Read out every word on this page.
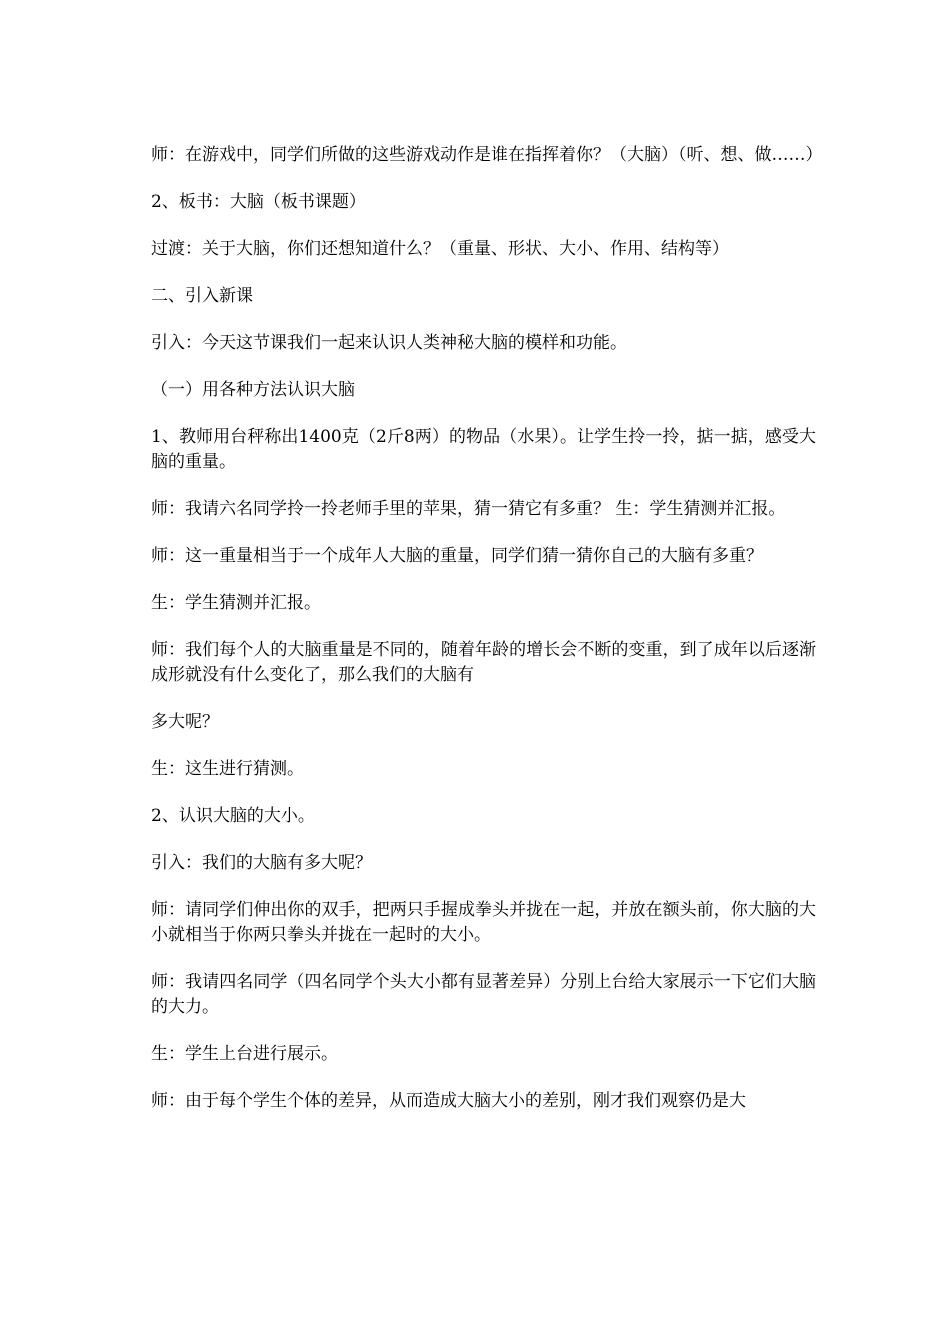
师：在游戏中，同学们所做的这些游戏动作是谁在指挥着你？（大脑）（听、想、做……）

2、板书：大脑（板书课题）

过渡：关于大脑，你们还想知道什么？（重量、形状、大小、作用、结构等）

二、引入新课

引入：今天这节课我们一起来认识人类神秘大脑的模样和功能。

（一）用各种方法认识大脑

1、教师用台秤称出1400克（2斤8两）的物品（水果）。让学生拎一拎，掂一掂，感受大脑的重量。

师：我请六名同学拎一拎老师手里的苹果，猜一猜它有多重？ 生：学生猜测并汇报。

师：这一重量相当于一个成年人大脑的重量，同学们猜一猜你自己的大脑有多重？

生：学生猜测并汇报。

师：我们每个人的大脑重量是不同的，随着年龄的增长会不断的变重，到了成年以后逐渐成形就没有什么变化了，那么我们的大脑有

多大呢？

生：这生进行猜测。

2、认识大脑的大小。

引入：我们的大脑有多大呢？

师：请同学们伸出你的双手，把两只手握成拳头并拢在一起，并放在额头前，你大脑的大小就相当于你两只拳头并拢在一起时的大小。

师：我请四名同学（四名同学个头大小都有显著差异）分别上台给大家展示一下它们大脑的大力。

生：学生上台进行展示。

师：由于每个学生个体的差异，从而造成大脑大小的差别，刚才我们观察仍是大
